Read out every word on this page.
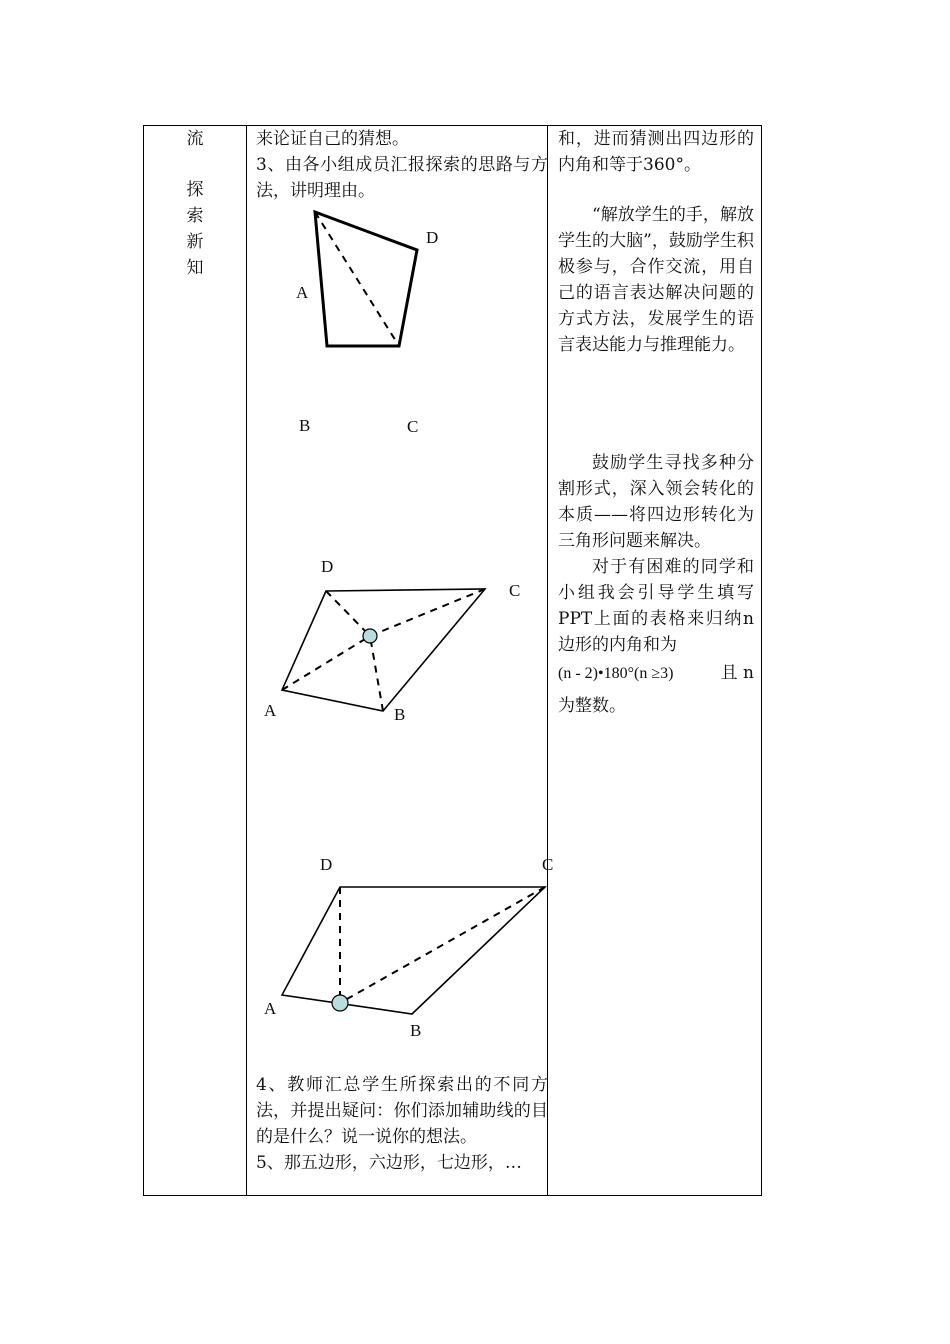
流
探
索
新
知

来论证自己的猜想。

3、由各小组成员汇报探索的思路与方法，讲明理由。

D
A
B	C
D
C
A	B
D	C
A
B

4、教师汇总学生所探索出的不同方法，并提出疑问：你们添加辅助线的目的是什么？说一说你的想法。

5、那五边形，六边形，七边形，…

和，进而猜测出四边形的内角和等于360°。

“解放学生的手，解放学生的大脑”，鼓励学生积极参与，合作交流，用自己的语言表达解决问题的方式方法，发展学生的语言表达能力与推理能力。

鼓励学生寻找多种分割形式，深入领会转化的本质——将四边形转化为三角形问题来解决。

对于有困难的同学和小组我会引导学生填写PPT上面的表格来归纳n边形的内角和为

(n - 2)•180°(n ≥3)	且 n

为整数。
